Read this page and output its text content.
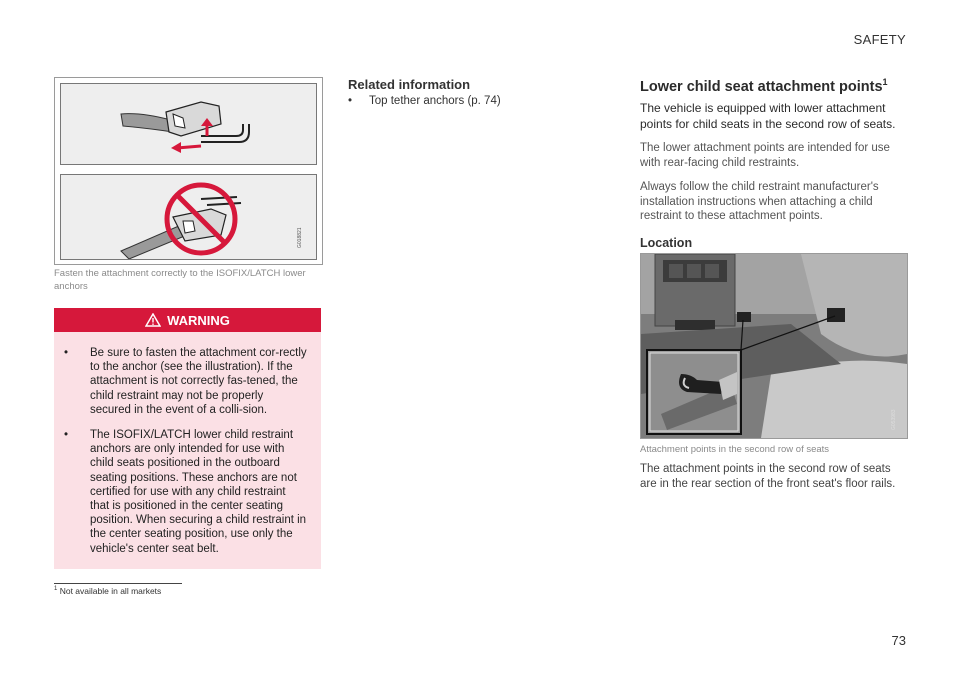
SAFETY
G018821
Fasten the attachment correctly to the ISOFIX/LATCH lower anchors
WARNING
• Be sure to fasten the attachment cor-rectly to the anchor (see the illustration). If the attachment is not correctly fas-tened, the child restraint may not be properly secured in the event of a colli-sion.
• The ISOFIX/LATCH lower child restraint anchors are only intended for use with child seats positioned in the outboard seating positions. These anchors are not certified for use with any child restraint that is positioned in the center seating position. When securing a child restraint in the center seating position, use only the vehicle's center seat belt.
$^1$ Not available in all markets
Related information
• Top tether anchors (p. 74)
Lower child seat attachment points$^1$
The vehicle is equipped with lower attachment points for child seats in the second row of seats.
The lower attachment points are intended for use with rear-facing child restraints.
Always follow the child restraint manufacturer's installation instructions when attaching a child restraint to these attachment points.
Location
G053983
Attachment points in the second row of seats
The attachment points in the second row of seats are in the rear section of the front seat's floor rails.
73
